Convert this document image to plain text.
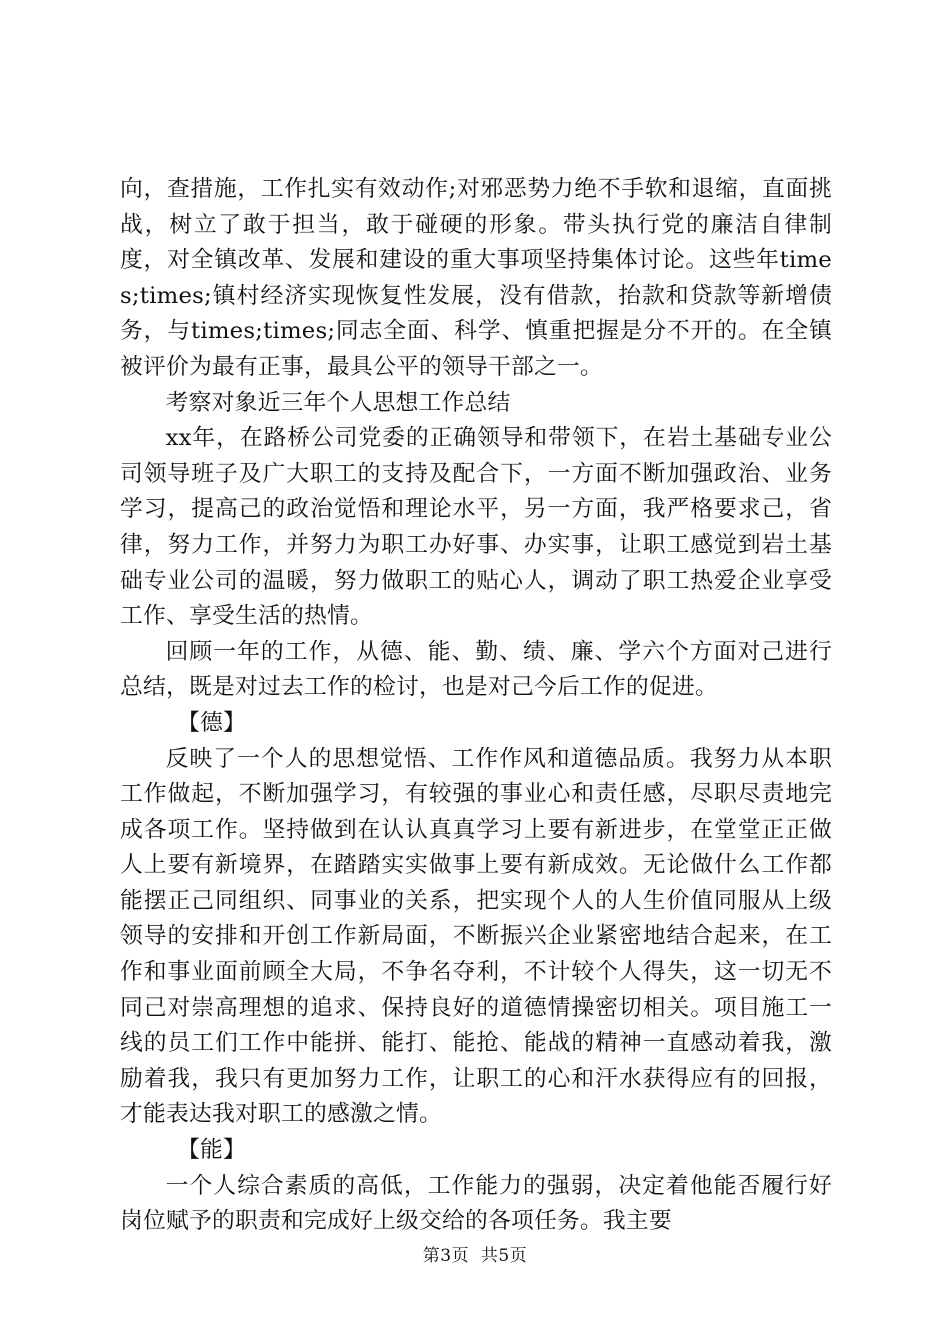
向，查措施，工作扎实有效动作;对邪恶势力绝不手软和退缩，直面挑战，树立了敢于担当，敢于碰硬的形象。带头执行党的廉洁自律制度，对全镇改革、发展和建设的重大事项坚持集体讨论。这些年times;times;镇村经济实现恢复性发展，没有借款，抬款和贷款等新增债务，与times;times;同志全面、科学、慎重把握是分不开的。在全镇被评价为最有正事，最具公平的领导干部之一。

考察对象近三年个人思想工作总结

xx年，在路桥公司党委的正确领导和带领下，在岩土基础专业公司领导班子及广大职工的支持及配合下，一方面不断加强政治、业务学习，提高己的政治觉悟和理论水平，另一方面，我严格要求己，省律，努力工作，并努力为职工办好事、办实事，让职工感觉到岩土基础专业公司的温暖，努力做职工的贴心人，调动了职工热爱企业享受工作、享受生活的热情。

回顾一年的工作，从德、能、勤、绩、廉、学六个方面对己进行总结，既是对过去工作的检讨，也是对己今后工作的促进。

【德】

反映了一个人的思想觉悟、工作作风和道德品质。我努力从本职工作做起，不断加强学习，有较强的事业心和责任感，尽职尽责地完成各项工作。坚持做到在认认真真学习上要有新进步，在堂堂正正做人上要有新境界，在踏踏实实做事上要有新成效。无论做什么工作都能摆正己同组织、同事业的关系，把实现个人的人生价值同服从上级领导的安排和开创工作新局面，不断振兴企业紧密地结合起来，在工作和事业面前顾全大局，不争名夺利，不计较个人得失，这一切无不同己对崇高理想的追求、保持良好的道德情操密切相关。项目施工一线的员工们工作中能拼、能打、能抢、能战的精神一直感动着我，激励着我，我只有更加努力工作，让职工的心和汗水获得应有的回报，才能表达我对职工的感激之情。

【能】

一个人综合素质的高低，工作能力的强弱，决定着他能否履行好岗位赋予的职责和完成好上级交给的各项任务。我主要

第3页 共5页
